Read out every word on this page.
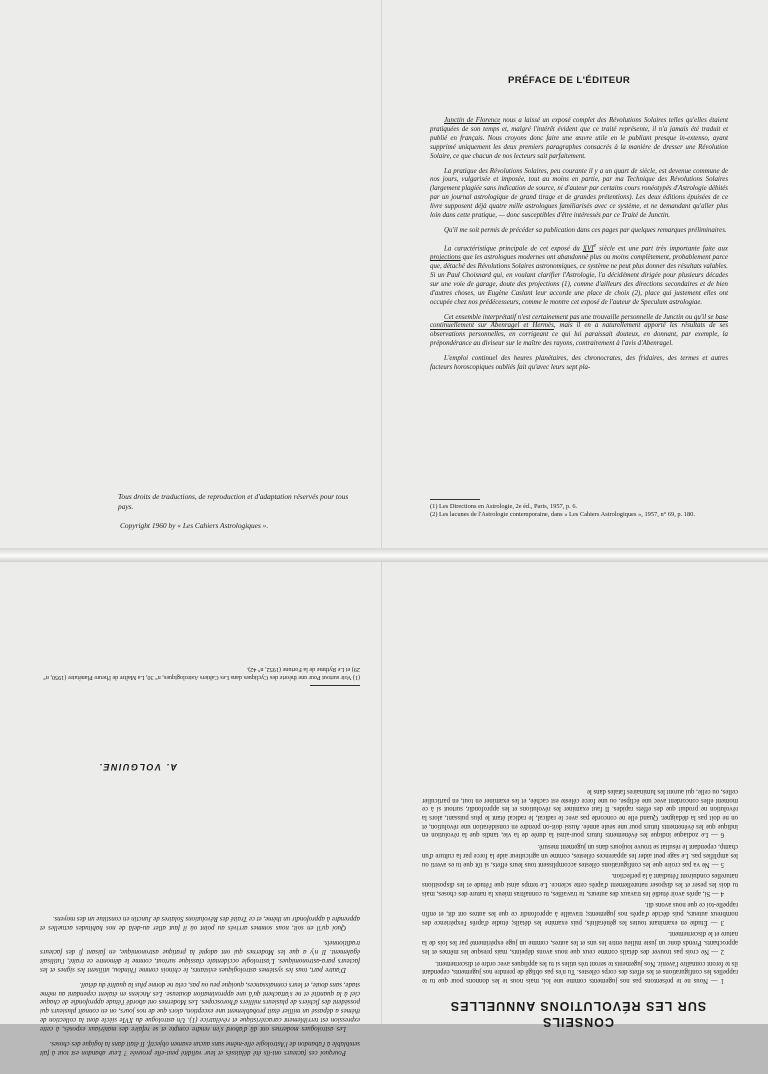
Tous droits de traductions, de reproduction et d'adaptation réservés pour tous pays.
Copyright 1960 by « Les Cahiers Astrologiques ».
PRÉFACE DE L'ÉDITEUR

Junctin de Florence nous a laissé un exposé complet des Révolutions Solaires telles qu'elles étaient pratiquées de son temps et, malgré l'intérêt évident que ce traité représente, il n'a jamais été traduit et publié en français. Nous croyons donc faire une œuvre utile en le publiant presque in-extenso, ayant supprimé uniquement les deux premiers paragraphes consacrés à la manière de dresser une Révolution Solaire, ce que chacun de nos lecteurs sait parfaitement.

La pratique des Révolutions Solaires, peu courante il y a un quart de siècle, est devenue commune de nos jours, vulgarisée et imposée, tout au moins en partie, par ma Technique des Révolutions Solaires (largement plagiée sans indication de source, ni d'auteur par certains cours ronéotypés d'Astrologie débités par un journal astrologique de grand tirage et de grandes prétentions). Les deux éditions épuisées de ce livre supposent déjà quatre mille astrologues familiarisés avec ce système, et ne demandant qu'aller plus loin dans cette pratique, — donc susceptibles d'être intéressés par ce Traité de Junctin.

Qu'il me soit permis de précéder sa publication dans ces pages par quelques remarques préliminaires.

La caractéristique principale de cet exposé du XVIe siècle est une part très importante faite aux projections que les astrologues modernes ont abandonné plus ou moins complètement, probablement parce que, détaché des Révolutions Solaires astronomiques, ce système ne peut plus donner des résultats valables. Si un Paul Choisnard qui, en voulant clarifier l'Astrologie, l'a décidément dirigée pour plusieurs décades sur une voie de garage, doute des projections (1), comme d'ailleurs des directions secondaires et de bien d'autres choses, un Eugène Caslant leur accorde une place de choix (2), place qui justement elles ont occupée chez nos prédécesseurs, comme le montre cet exposé de l'auteur de Speculum astrologiae.

Cet ensemble interprétatif n'est certainement pas une trouvaille personnelle de Junctin ou qu'il se base continuellement sur Abenragel et Hermès, mais il en a naturellement apporté les résultats de ses observations personnelles, en corrigeant ce qui lui paraissait douteux, en donnant, par exemple, la prépondérance au diviseur sur le maître des rayons, contrairement à l'avis d'Abenragel.

L'emploi continuel des heures planétaires, des chronocrates, des fridaires, des termes et autres facteurs horoscopiques oubliés fait qu'avec leurs sept pla-

(1) Les Directions en Astrologie, 2e éd., Paris, 1957, p. 6.
(2) Les lacunes de l'Astrologie contemporaine, dans « Les Cahiers Astrologiques », 1957, n° 69, p. 180.

Pourquoi ces facteurs ont-ils été délaissés et leur validité peut-elle prouvée ? Leur abandon est tout à fait semblable à l'abandon de l'Astrologie elle-même sans aucun examen objectif. Il était dans la logique des choses.

Les astrologues modernes ont dû d'abord s'en rendre compte et se refaire des matériaux exposés, à cette expression est terriblement caractéristique et révélatrice (1). Un astrologue du XVIe siècle dont la collection de thèmes a dépassé un millier était probablement une exception, alors que de nos jours, on en connaît plusieurs qui possèdent des fichiers de plusieurs milliers d'horoscopes. Les Modernes ont abordé l'étude approfondie de chaque ciel à la quantité et ne s'attachent qu'à une approximation douteuse. Les Anciens en étaient cependant au même stade, sans doute, et leurs connaissances, quoique peu ou pas, cela ne donne plus la qualité du détail.

D'autre part, tous les systèmes astrologiques existants, le chinois comme l'hindou, utilisent les signes et les facteurs para-astronomiques. L'astrologie occidentale classique surtout, comme le démontre ce traité, l'utilisait également. Il n'y a que les Modernes qui ont adopté la pratique astronomique, en faisant fi des facteurs traditionnels.

Quoi qu'il en soit, nous sommes arrivés au point où il faut aller au-delà de nos habitudes actuelles et apprendre à approfondir un thème, et ce Traité des Révolutions Solaires de Junctin en constitue un des moyens.

A. VOLGUINE.
(1) Voir surtout Pour une théorie des Cycliques dans Les Cahiers Astrologiques, n° 30, La Maître de l'heure Planétaire (1950, n° 29) et Le Rythme de la Fortune (1952, n° 42).
CONSEILS
SUR LES RÉVOLUTIONS ANNUELLES

1 — Nous ne te présentons pas nos jugements comme une loi, mais nous te les donnons pour que tu te rappelles les configurations et les effets des corps célestes. Tu n'es pas obligé de prendre nos jugements, cependant ils te feront connaître l'avenir. Nos jugements te seront très utiles si tu les appliques avec ordre et discernement.

2 — Ne crois pas trouver des détails comme ceux que nous avons dépeints, mais presque les mêmes et les approchants. Prends donc un juste milieu entre les uns et les autres, comme un juge expérimenté par les lois de la nature et le discernement.

3 — Étudie en examinant toutes les généralités, puis examine les détails; étudie d'après l'expérience des nombreux auteurs, puis décide d'après nos jugements; travaille à approfondir ce que les autres ont dit, et enfin rappelle-toi ce que nous avons dit.

4 — Si, après avoir étudié les travaux des auteurs, tu travailles, tu connaîtras mieux la nature des choses, mais tu dois les peser et les disposer naturellement d'après cette science. Le temps ainsi que l'étude et les dispositions naturelles conduiront l'étudiant à la perfection.

5 — Ne va pas croire que les configurations célestes accomplissent tous leurs effets, si tôt que tu es averti ou les amplifies pas. Le sage peut aider les apparences célestes, comme un agriculteur aide la force par la culture d'un champ, cependant le résultat se trouve toujours dans un jugement mesuré.

6 — Le zodiaque indique les événements futurs pour-ainsi la durée de la vie, tandis que la révolution en indique que les événements futurs pour une seule année. Aussi doit-on prendre en considération une révolution, et on ne doit pas la dédaigner. Quand elle ne concorde pas avec le radical, le radical étant le plus puissant, alors la révolution ne produit que des effets rapides. Il faut examiner les révolutions et les approfondir, surtout si à ce moment elles concordent avec une éclipse, ou une force céleste est cachée, et les examiner en tout, en particulier celles, ou celle, qui auront les luminaires fatales dans le
